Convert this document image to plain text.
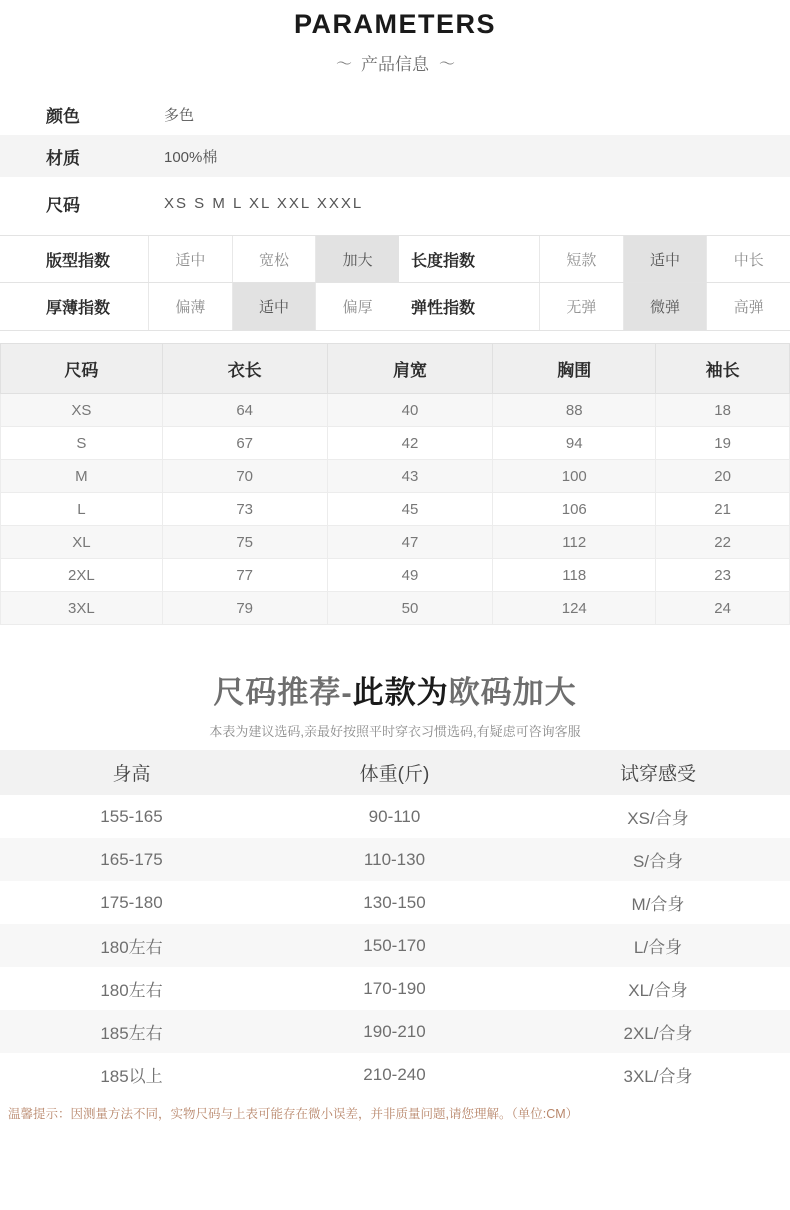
PARAMETERS
〜 产品信息 〜
颜色	多色
材质	100%棉
尺码	XS S M L XL XXL XXXL
版型指数	适中	宽松	加大	长度指数	短款	适中	中长
厚薄指数	偏薄	适中	偏厚	弹性指数	无弹	微弹	高弹
尺码	衣长	肩宽	胸围	袖长
XS	64	40	88	18
S	67	42	94	19
M	70	43	100	20
L	73	45	106	21
XL	75	47	112	22
2XL	77	49	118	23
3XL	79	50	124	24
尺码推荐-此款为欧码加大
本表为建议选码,亲最好按照平时穿衣习惯选码,有疑虑可咨询客服
身高	体重(斤)	试穿感受
155-165	90-110	XS/合身
165-175	110-130	S/合身
175-180	130-150	M/合身
180左右	150-170	L/合身
180左右	170-190	XL/合身
185左右	190-210	2XL/合身
185以上	210-240	3XL/合身
温馨提示：因测量方法不同，实物尺码与上表可能存在微小误差，并非质量问题,请您理解。（单位:CM）
